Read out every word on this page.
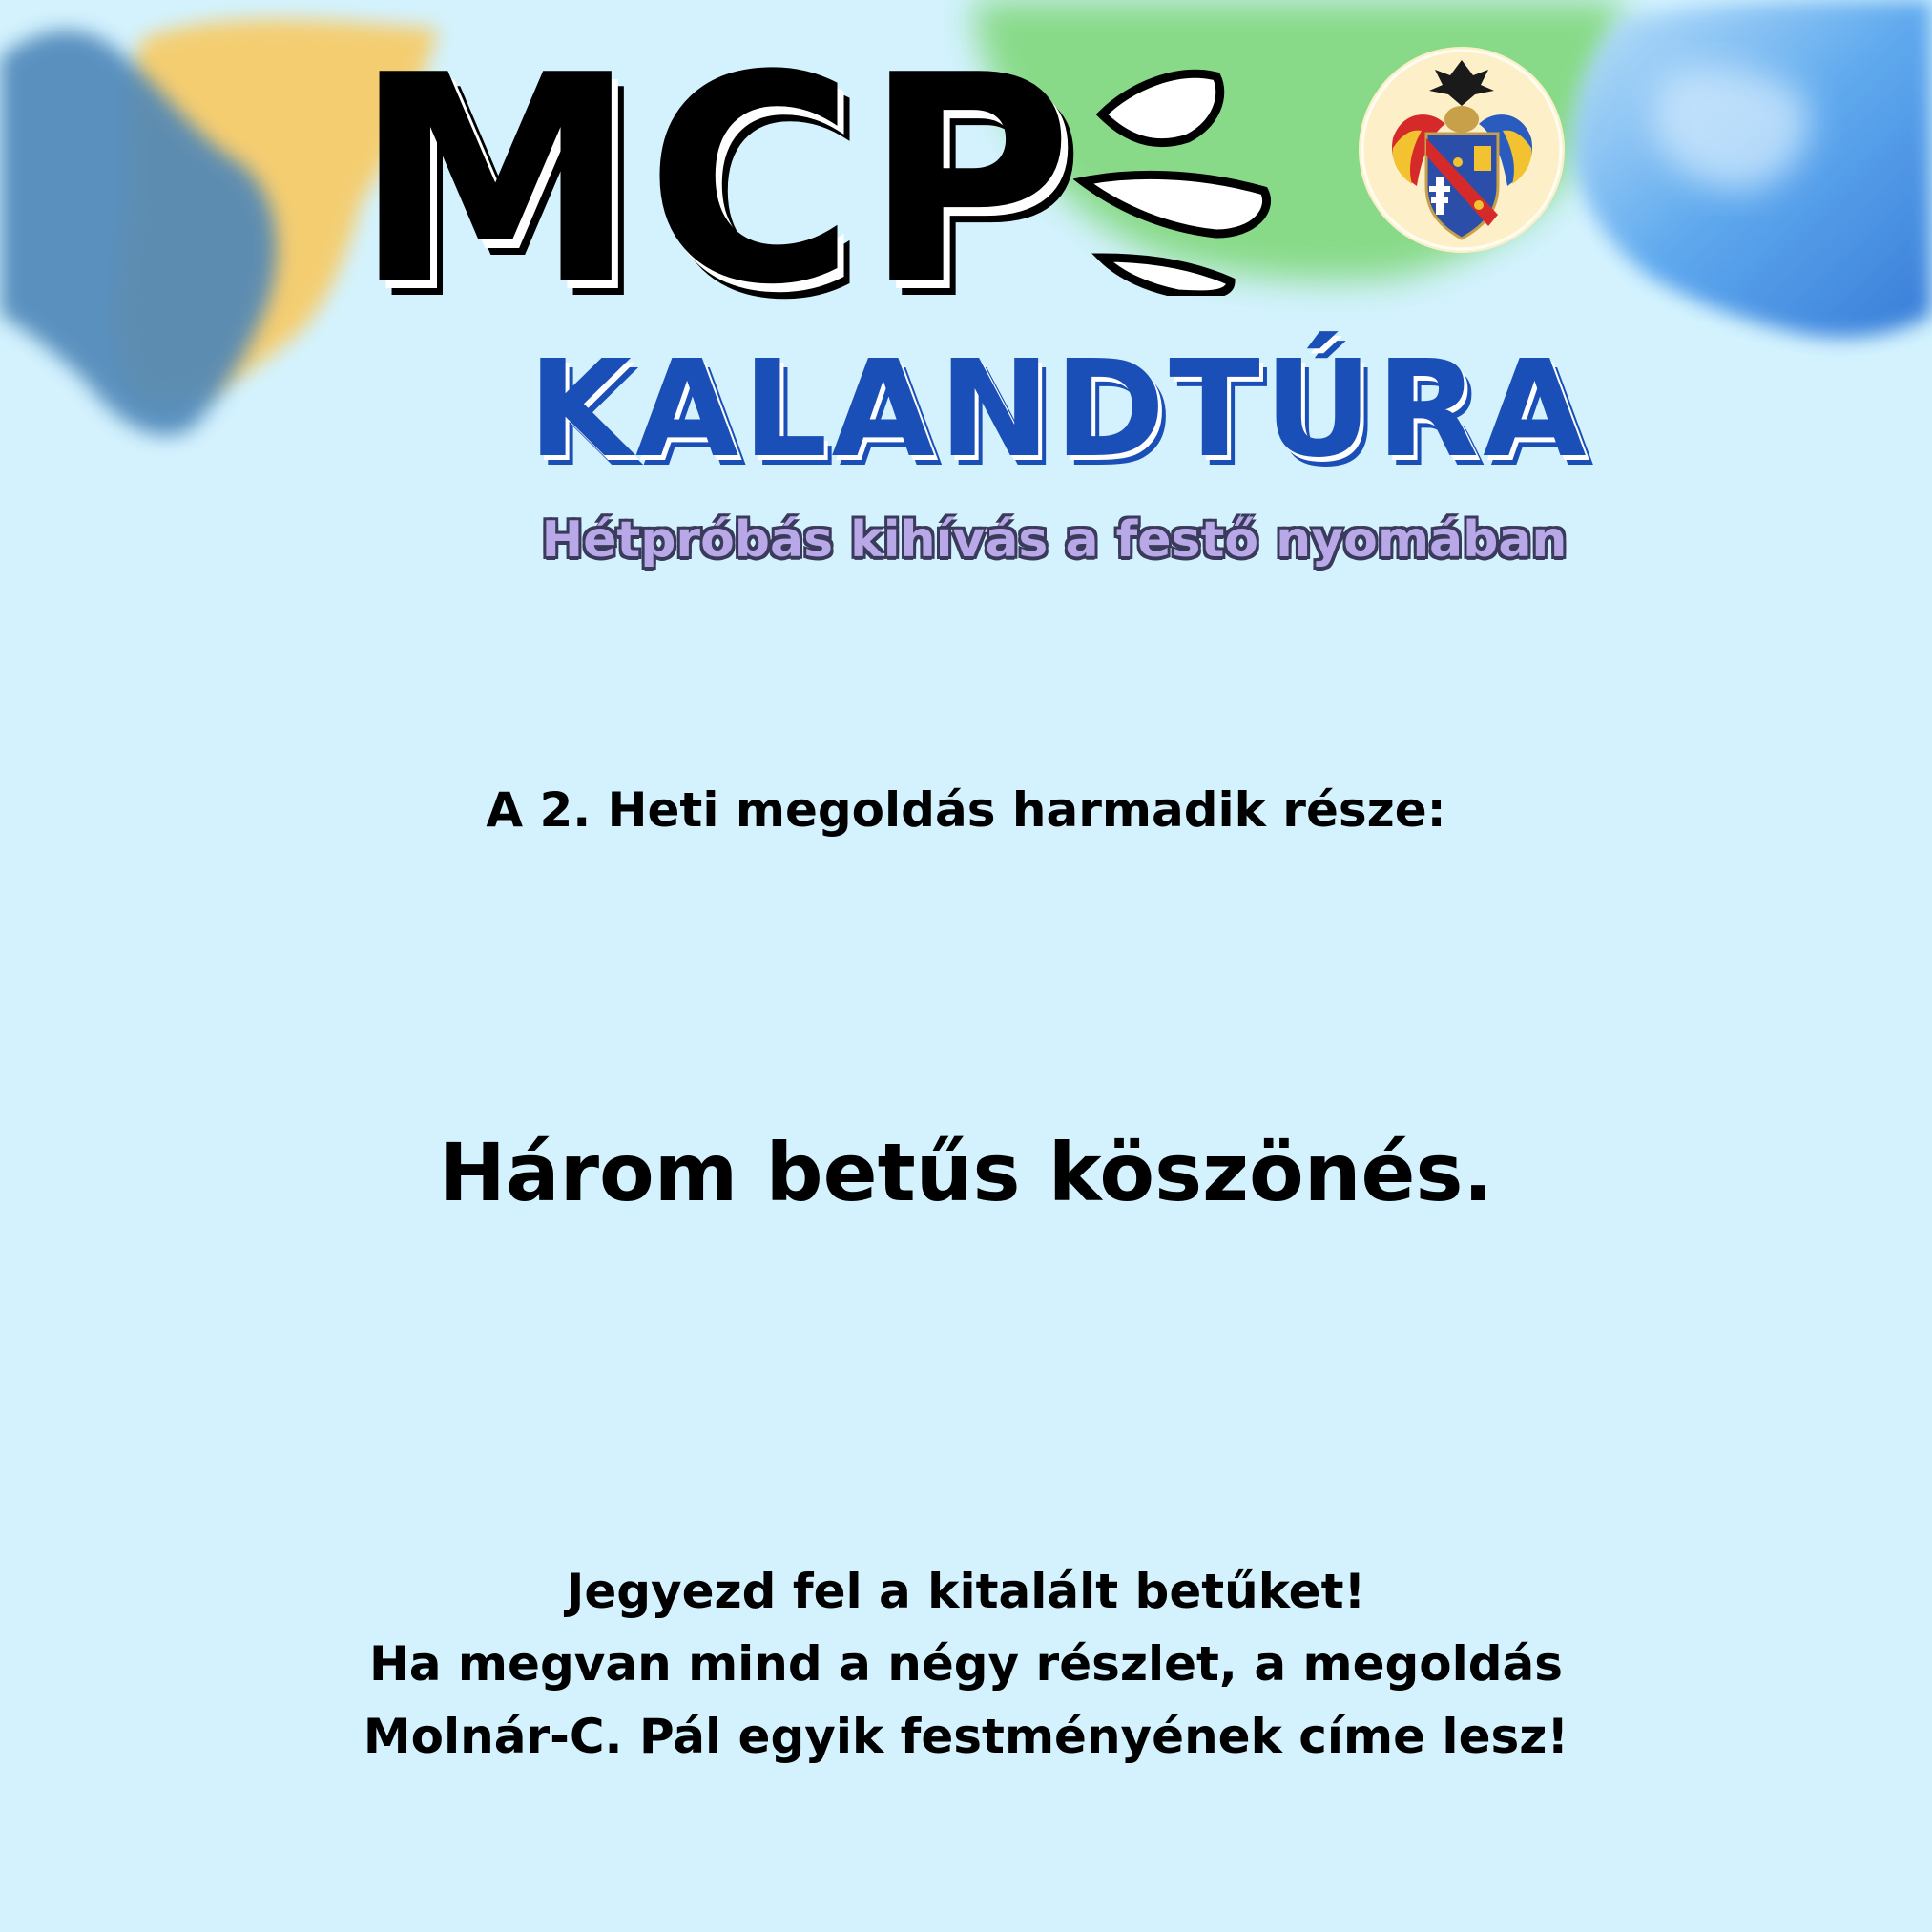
MCP
KALANDTÚRA
Hétpróbás kihívás a festő nyomában
A 2. Heti megoldás harmadik része:
Három betűs köszönés.

Jegyezd fel a kitalált betűket!
Ha megvan mind a négy részlet, a megoldás
Molnár-C. Pál egyik festményének címe lesz!
